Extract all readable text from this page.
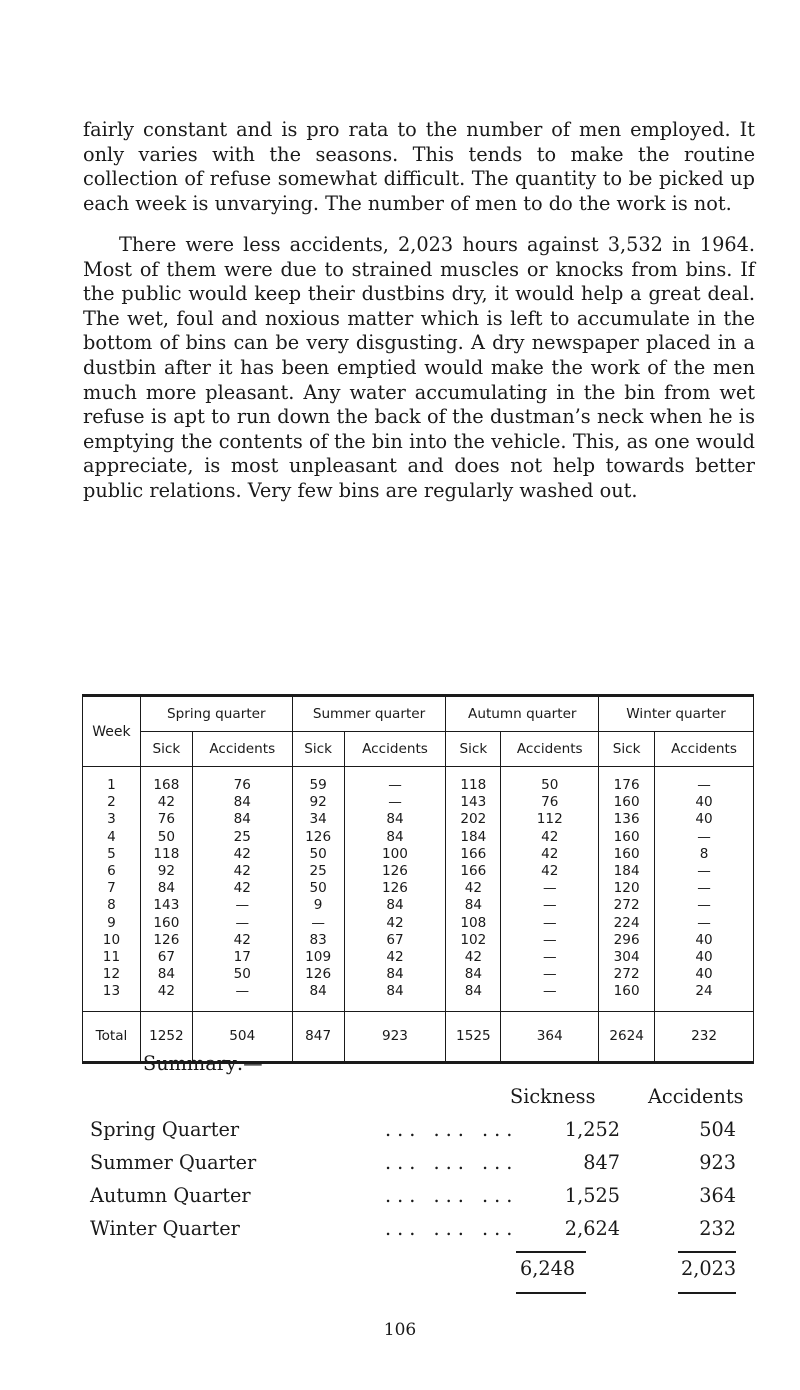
fairly constant and is pro rata to the number of men employed. It only varies with the seasons. This tends to make the routine collection of refuse somewhat difficult. The quantity to be picked up each week is unvarying. The number of men to do the work is not.

There were less accidents, 2,023 hours against 3,532 in 1964. Most of them were due to strained muscles or knocks from bins. If the public would keep their dustbins dry, it would help a great deal. The wet, foul and noxious matter which is left to accumulate in the bottom of bins can be very disgusting. A dry newspaper placed in a dustbin after it has been emptied would make the work of the men much more pleasant. Any water accumulating in the bin from wet refuse is apt to run down the back of the dustman’s neck when he is emptying the contents of the bin into the vehicle. This, as one would appreciate, is most unpleasant and does not help towards better public relations. Very few bins are regularly washed out.

Week	Spring quarter		Summer quarter		Autumn quarter		Winter quarter	
	Sick	Accidents	Sick	Accidents	Sick	Accidents	Sick	Accidents
1	168	76	59	—	118	50	176	—
2	42	84	92	—	143	76	160	40
3	76	84	34	84	202	112	136	40
4	50	25	126	84	184	42	160	—
5	118	42	50	100	166	42	160	8
6	92	42	25	126	166	42	184	—
7	84	42	50	126	42	—	120	—
8	143	—	9	84	84	—	272	—
9	160	—	—	42	108	—	224	—
10	126	42	83	67	102	—	296	40
11	67	17	109	42	42	—	304	40
12	84	50	126	84	84	—	272	40
13	42	—	84	84	84	—	160	24
Total	1252	504	847	923	1525	364	2624	232
Summary:—
Sickness	Accidents
Spring Quarter	... ... ... 1,252	504
Summer Quarter	... ... ...	847	923
Autumn Quarter	... ... ... 1,525	364
Winter Quarter	... ... ... 2,624	232
6,248	2,023
106
